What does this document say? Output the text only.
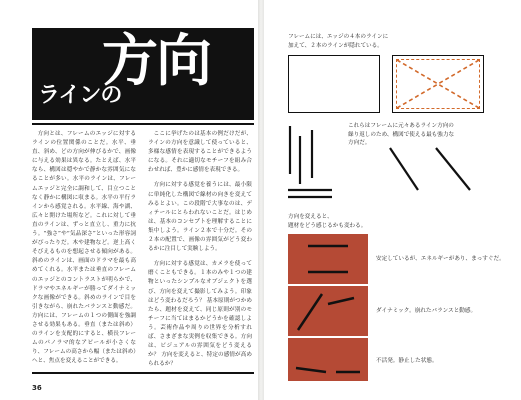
ラインの
方向

方向とは、フレームのエッジに対するラインの位置関係のことだ。水平、垂直、斜め、どの方向が伸びるかで、画像に与える効果は異なる。たとえば、水平なら、構図は穏やかで静かな雰囲気になることが多い。水平のラインは、フレームエッジと完全に調和して、目立つことなく静かに構図に収まる。水平の平行ラインから感覚される。水平線、海や湖、広々と開けた場所など。これに対して垂直のラインは、ずっと直立し、重力に抗う。“強さ”や“気品深さ”といった形容詞がぴったりだ。木や建物など。逆上高くそびえるものを想起させる傾向がある。斜めのラインは、画面のドラマを最も高めてくれる。水平または垂直のフレームのエッジとのコントラストが明らかで、ドラマやエネルギーが勝ってダイナミックな画像ができる。斜めのラインで目を引きながら、崩れたバランスと動感だ。方向には、フレームの１つの側面を強調させる効果もある。垂直（または斜め）のラインを支配的にすると、横長フレームのパノラマ的なアピールが小さくなり、フレームの高さから幅（または斜め）へと、焦点を変えることができる。

ここに挙げたのは基本の例だけだが、ラインの方向を意識して使っていると、多様な感情を表現することができるようになる。それに適切なモチーフを組み合わせれば、豊かに感情を表現できる。

方向に対する感覚を養うには、最小限に単純化した構図で線材の向きを変えてみるとよい。この段階で大事なのは、ディテールにとらわれないことだ。はじめは、基本のコンセプトを理解することに集中しよう。ライン２本で十分だ。その２本の配置で、画像の雰囲気がどう変わるかに注目して実験しよう。

方向に対する感覚は、カメラを使って磨くこともできる。１本のみや１つの建物といったシンプルなオブジェクトを選び、方向を変えて撮影してみよう。印象はどう変わるだろう？ 基本原則がつかめたら、題材を変えて、同じ原則が別のモチーフに当てはまるかどうかを確認しよう。芸術作品や周りの世界を分析すれば、さまざまな実例を収集できる。方向は、ビジュアルの雰囲気をどう変えるか？ 方向を変えると、特定の感情が高められるか？

36
フレームには、エッジの４本のラインに
加えて、２本のラインが隠れている。
これらはフレームに元々あるライン方向の
繰り返しのため、構図で使える最も強力な
方向だ。
方向を変えると、
題材をどう感じるかも変わる。
安定しているが、エネルギーがあり、まっすぐだ。
ダイナミック。崩れたバランスと動感。
不活発。静止した状態。
